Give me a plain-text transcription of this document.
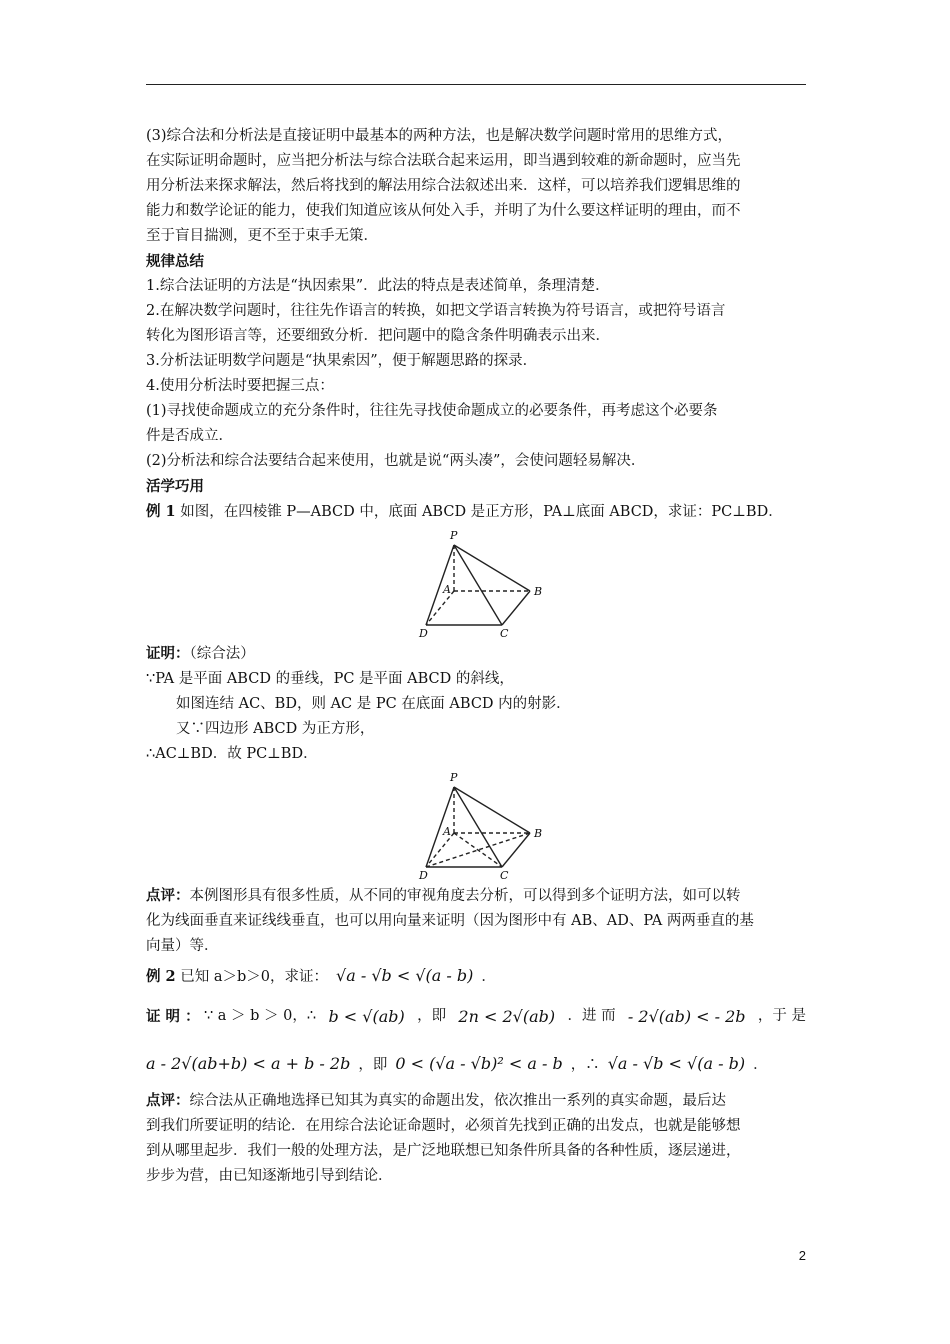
(3)综合法和分析法是直接证明中最基本的两种方法，也是解决数学问题时常用的思维方式，

在实际证明命题时，应当把分析法与综合法联合起来运用，即当遇到较难的新命题时，应当先

用分析法来探求解法，然后将找到的解法用综合法叙述出来．这样，可以培养我们逻辑思维的

能力和数学论证的能力，使我们知道应该从何处入手，并明了为什么要这样证明的理由，而不

至于盲目揣测，更不至于束手无策．

规律总结

1.综合法证明的方法是“执因索果”．此法的特点是表述简单，条理清楚．

2.在解决数学问题时，往往先作语言的转换，如把文学语言转换为符号语言，或把符号语言

转化为图形语言等，还要细致分析．把问题中的隐含条件明确表示出来．

3.分析法证明数学问题是“执果索因”，便于解题思路的探录．

4.使用分析法时要把握三点：

(1)寻找使命题成立的充分条件时，往往先寻找使命题成立的必要条件，再考虑这个必要条

件是否成立．

(2)分析法和综合法要结合起来使用，也就是说“两头凑”，会使问题轻易解决．

活学巧用

例 1 如图，在四棱锥 P—ABCD 中，底面 ABCD 是正方形，PA⊥底面 ABCD，求证：PC⊥BD．

P
A	B
C
D

证明：（综合法）

∵PA 是平面 ABCD 的垂线，PC 是平面 ABCD 的斜线，

如图连结 AC、BD，则 AC 是 PC 在底面 ABCD 内的射影．

又∵四边形 ABCD 为正方形，

∴AC⊥BD．故 PC⊥BD．

P
A	B
C
D

点评：本例图形具有很多性质，从不同的审视角度去分析，可以得到多个证明方法，如可以转

化为线面垂直来证线线垂直，也可以用向量来证明（因为图形中有 AB、AD、PA 两两垂直的基

向量）等．

例 2 已知 a＞b＞0，求证： √a - √b < √(a - b) ．

证 明 ： ∵ a ＞ b ＞ 0，∴ b < √(ab) ，即 2n < 2√(ab) ．进 而 - 2√(ab) < - 2b ，于 是
a - 2√(ab+b) < a + b - 2b ，即 0 < (√a - √b)² < a - b ，∴ √a - √b < √(a - b) ．

点评：综合法从正确地选择已知其为真实的命题出发，依次推出一系列的真实命题，最后达

到我们所要证明的结论．在用综合法论证命题时，必须首先找到正确的出发点，也就是能够想

到从哪里起步．我们一般的处理方法，是广泛地联想已知条件所具备的各种性质，逐层递进，

步步为营，由已知逐渐地引导到结论．

2
